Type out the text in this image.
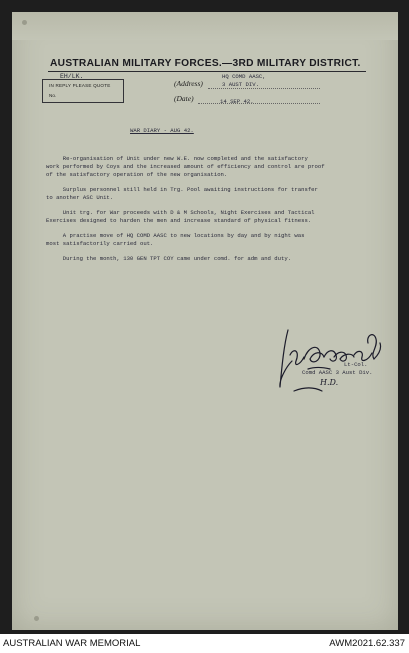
AUSTRALIAN MILITARY FORCES.—3RD MILITARY DISTRICT.
EH/LK.
IN REPLY PLEASE QUOTE
No.
(Address)
(Date)
HQ COMD AASC,
3 AUST DIV.
14 SEP 42.
WAR DIARY - AUG 42.
Re-organisation of Unit under new W.E. now completed and the satisfactory
work performed by Coys and the increased amount of efficiency and control are proof
of the satisfactory operation of the new organisation.
Surplus personnel still held in Trg. Pool awaiting instructions for transfer
to another ASC Unit.
Unit trg. for War proceeds with D & M Schools, Night Exercises and Tactical
Exercises designed to harden the men and increase standard of physical fitness.
A practise move of HQ COMD AASC to new locations by day and by night was
most satisfactorily carried out.
During the month, 130 GEN TPT COY came under comd. for adm and duty.
Lt-Col.
Comd AASC 3 Aust Div.
H.D.
AUSTRALIAN WAR MEMORIAL	AWM2021.62.337
